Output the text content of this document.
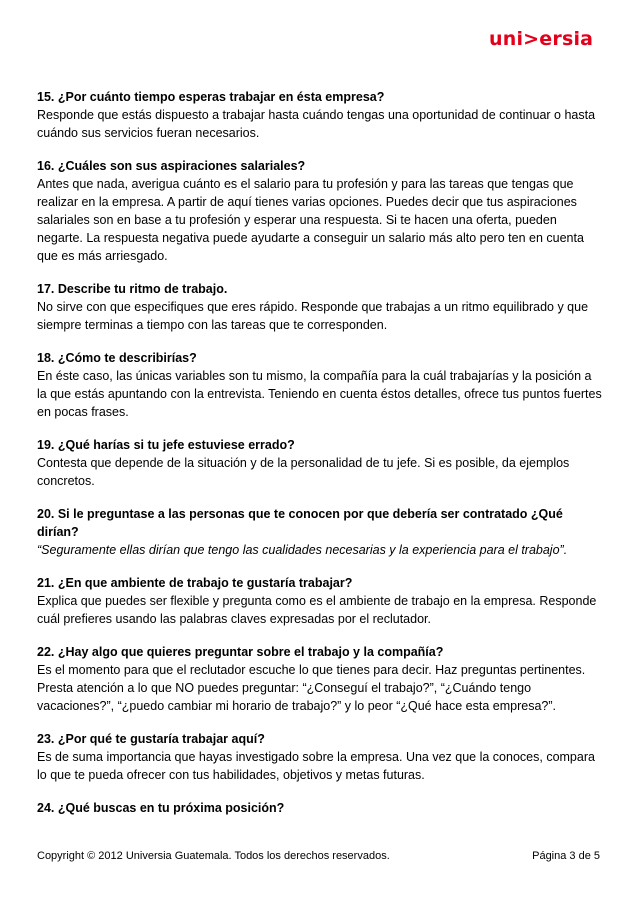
uni>ersia
15. ¿Por cuánto tiempo esperas trabajar en ésta empresa?
Responde que estás dispuesto a trabajar hasta cuándo tengas una oportunidad de continuar o hasta cuándo sus servicios fueran necesarios.
16. ¿Cuáles son sus aspiraciones salariales?
Antes que nada, averigua cuánto es el salario para tu profesión y para las tareas que tengas que realizar en la empresa. A partir de aquí tienes varias opciones. Puedes decir que tus aspiraciones salariales son en base a tu profesión y esperar una respuesta. Si te hacen una oferta, pueden negarte. La respuesta negativa puede ayudarte a conseguir un salario más alto pero ten en cuenta que es más arriesgado.
17. Describe tu ritmo de trabajo.
No sirve con que especifiques que eres rápido. Responde que trabajas a un ritmo equilibrado y que siempre terminas a tiempo con las tareas que te corresponden.
18. ¿Cómo te describirías?
En éste caso, las únicas variables son tu mismo, la compañía para la cuál trabajarías y la posición a la que estás apuntando con la entrevista. Teniendo en cuenta éstos detalles, ofrece tus puntos fuertes en pocas frases.
19. ¿Qué harías si tu jefe estuviese errado?
Contesta que depende de la situación y de la personalidad de tu jefe. Si es posible, da ejemplos concretos.
20. Si le preguntase a las personas que te conocen por que debería ser contratado ¿Qué dirían?
“Seguramente ellas dirían que tengo las cualidades necesarias y la experiencia para el trabajo”.
21. ¿En que ambiente de trabajo te gustaría trabajar?
Explica que puedes ser flexible y pregunta como es el ambiente de trabajo en la empresa. Responde cuál prefieres usando las palabras claves expresadas por el reclutador.
22. ¿Hay algo que quieres preguntar sobre el trabajo y la compañía?
Es el momento para que el reclutador escuche lo que tienes para decir. Haz preguntas pertinentes. Presta atención a lo que NO puedes preguntar: “¿Conseguí el trabajo?”, “¿Cuándo tengo vacaciones?”, “¿puedo cambiar mi horario de trabajo?” y lo peor “¿Qué hace esta empresa?”.
23. ¿Por qué te gustaría trabajar aquí?
Es de suma importancia que hayas investigado sobre la empresa. Una vez que la conoces, compara lo que te pueda ofrecer con tus habilidades, objetivos y metas futuras.
24. ¿Qué buscas en tu próxima posición?
Copyright © 2012 Universia Guatemala. Todos los derechos reservados.	Página 3 de 5
